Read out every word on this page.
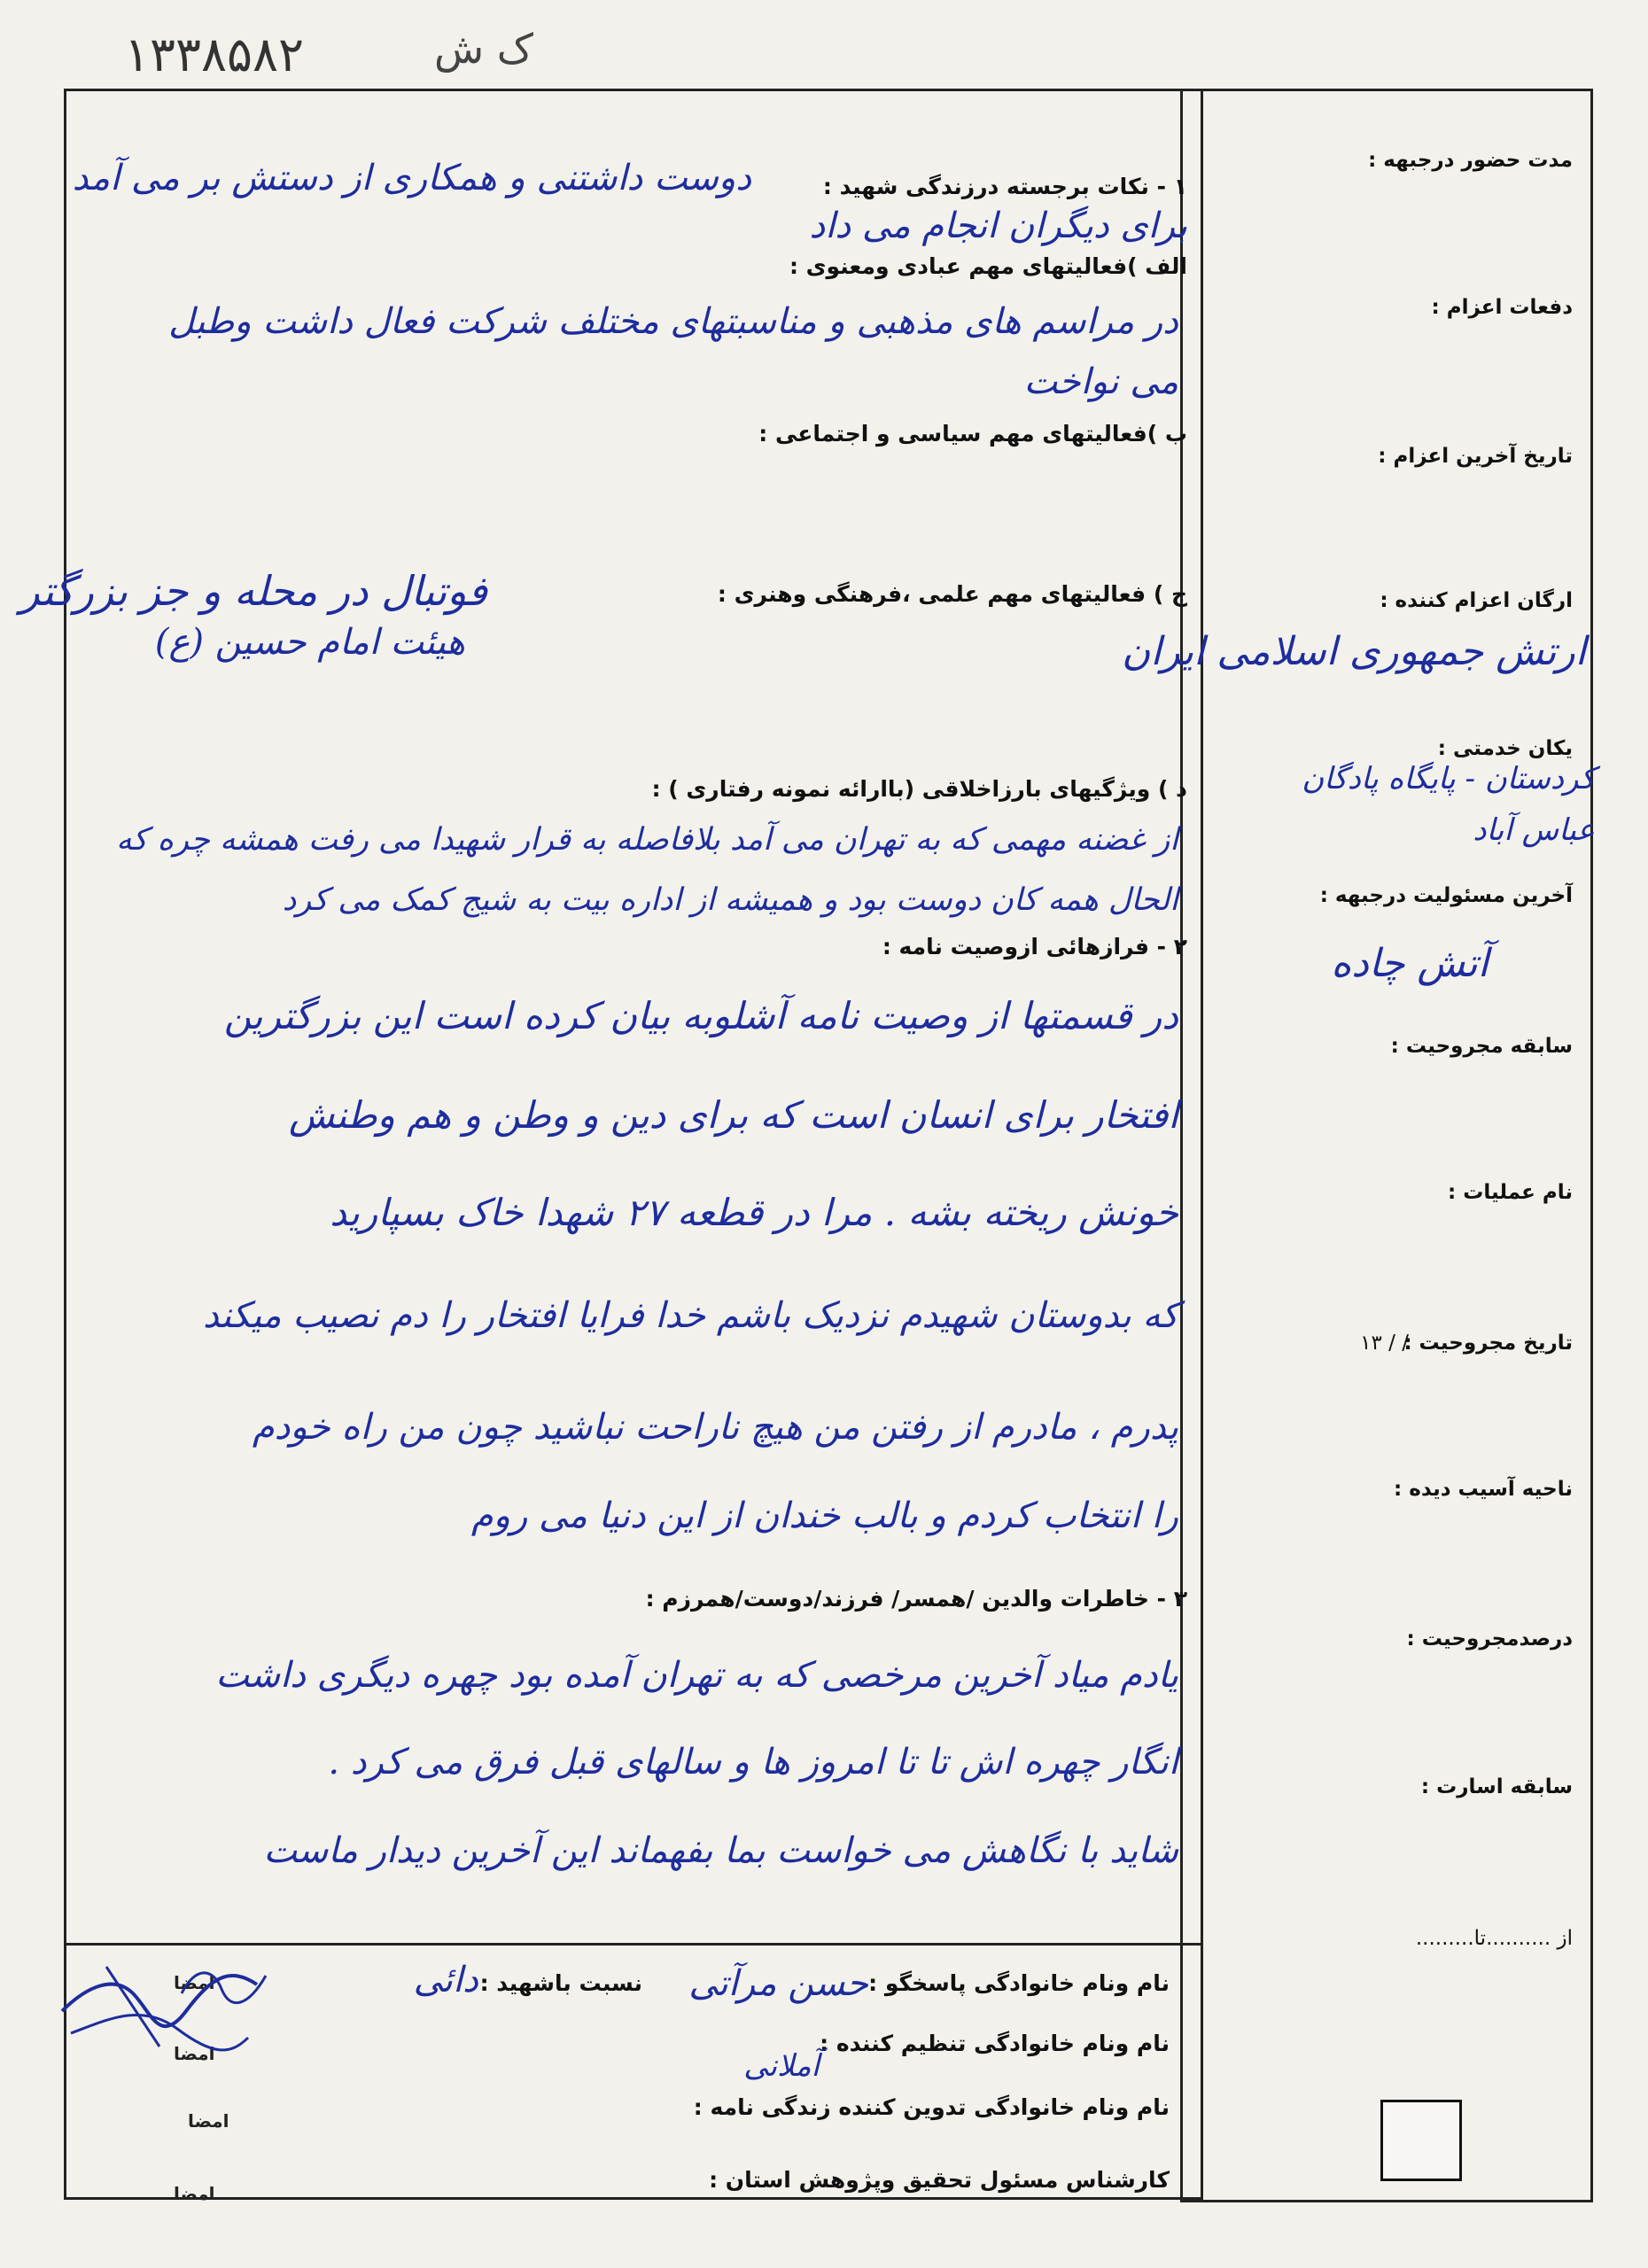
۱۳۳۸۵۸۲	ک ش
مدت حضور درجبهه :
دفعات اعزام :
تاریخ آخرین اعزام :
ارگان اعزام کننده :
ارتش جمهوری اسلامی ایران
یکان خدمتی :
کردستان - پایگاه پادگان عباس آباد
آخرین مسئولیت درجبهه :
آتش چاده
سابقه مجروحیت :
نام عملیات :
تاریخ مجروحیت :
/ / ۱۳
ناحیه آسیب دیده :
درصدمجروحیت :
سابقه اسارت :
از ..........تا.........
۱ - نکات برجسته درزندگی شهید :
دوست داشتنی و همکاری از دستش بر می آمد
برای دیگران انجام می داد
الف )فعالیتهای مهم عبادی ومعنوی :
در مراسم های مذهبی و مناسبتهای مختلف شرکت فعال داشت وطبل
می نواخت
ب )فعالیتهای مهم سیاسی و اجتماعی :
ج ) فعالیتهای مهم علمی ،فرهنگی وهنری :
فوتبال در محله و جز بزرگتر
هیئت امام حسین (ع)
د ) ویژگیهای بارزاخلاقی (باارائه نمونه رفتاری ) :
از غضنه مهمی که به تهران می آمد بلافاصله به قرار شهیدا می رفت همشه چره که
الحال همه کان دوست بود و همیشه از اداره بیت به شیج کمک می کرد
۲ - فرازهائی ازوصیت نامه :
در قسمتها از وصیت نامه آشلوبه بیان کرده است این بزرگترین
افتخار برای انسان است که برای دین و وطن و هم وطنش
خونش ریخته بشه . مرا در قطعه ۲۷ شهدا خاک بسپارید
که بدوستان شهیدم نزدیک باشم خدا فرایا افتخار را دم نصیب میکند
پدرم ، مادرم از رفتن من هیچ ناراحت نباشید چون من راه خودم
را انتخاب کردم و بالب خندان از این دنیا می روم
۳ - خاطرات والدین /همسر/ فرزند/دوست/همرزم :
یادم میاد آخرین مرخصی که به تهران آمده بود چهره دیگری داشت
انگار چهره اش تا تا امروز ها و سالهای قبل فرق می کرد .
شاید با نگاهش می خواست بما بفهماند این آخرین دیدار ماست
نام ونام خانوادگی پاسخگو :
حسن مرآتی
نسبت باشهید :
دائی
نام ونام خانوادگی تنظیم کننده :
آملانی
نام ونام خانوادگی تدوین کننده زندگی نامه :
کارشناس مسئول تحقیق وپژوهش استان :
امضا
امضا
امضا
امضا
